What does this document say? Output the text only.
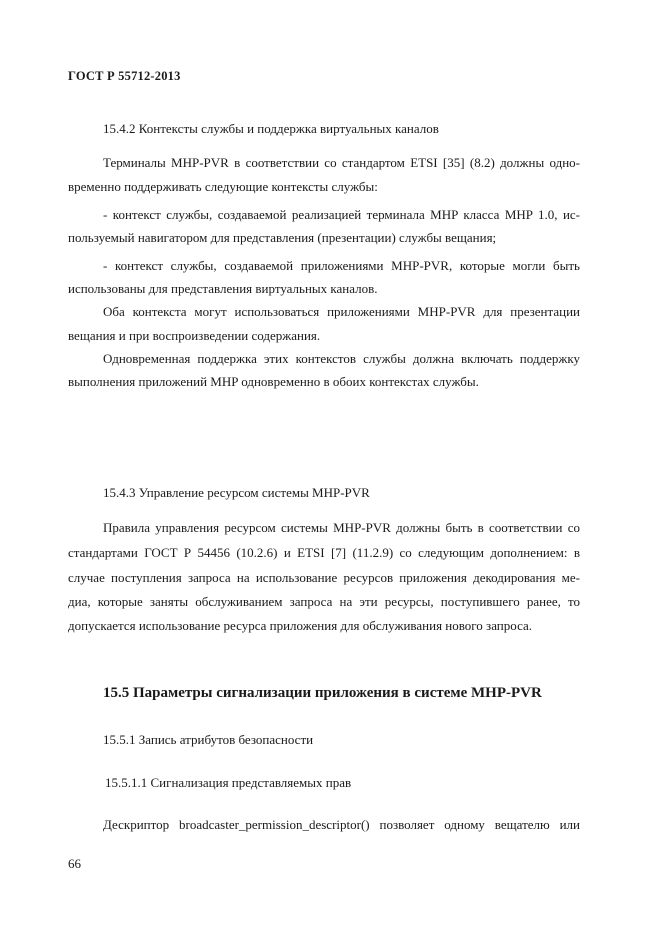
ГОСТ Р 55712-2013
15.4.2 Контексты службы и поддержка виртуальных каналов
Терминалы MHP-PVR в соответствии со стандартом ETSI [35] (8.2) должны одно-
временно поддерживать следующие контексты службы:
- контекст службы, создаваемой реализацией терминала MHP класса MHP 1.0, ис-
пользуемый навигатором для представления (презентации) службы вещания;
- контекст службы, создаваемой приложениями MHP-PVR, которые могли быть
использованы для представления виртуальных каналов.
Оба контекста могут использоваться приложениями MHP-PVR для презентации
вещания и при воспроизведении содержания.
Одновременная поддержка этих контекстов службы должна включать поддержку
выполнения приложений MHP одновременно в обоих контекстах службы.
15.4.3 Управление ресурсом системы MHP-PVR
Правила управления ресурсом системы MHP-PVR должны быть в соответствии со
стандартами ГОСТ Р 54456 (10.2.6) и ETSI [7] (11.2.9) со следующим дополнением: в
случае поступления запроса на использование ресурсов приложения декодирования ме-
диа, которые заняты обслуживанием запроса на эти ресурсы, поступившего ранее, то
допускается использование ресурса приложения для обслуживания нового запроса.
15.5 Параметры сигнализации приложения в системе MHP-PVR
15.5.1 Запись атрибутов безопасности
15.5.1.1 Сигнализация представляемых прав
Дескриптор broadcaster_permission_descriptor() позволяет одному вещателю или
66
